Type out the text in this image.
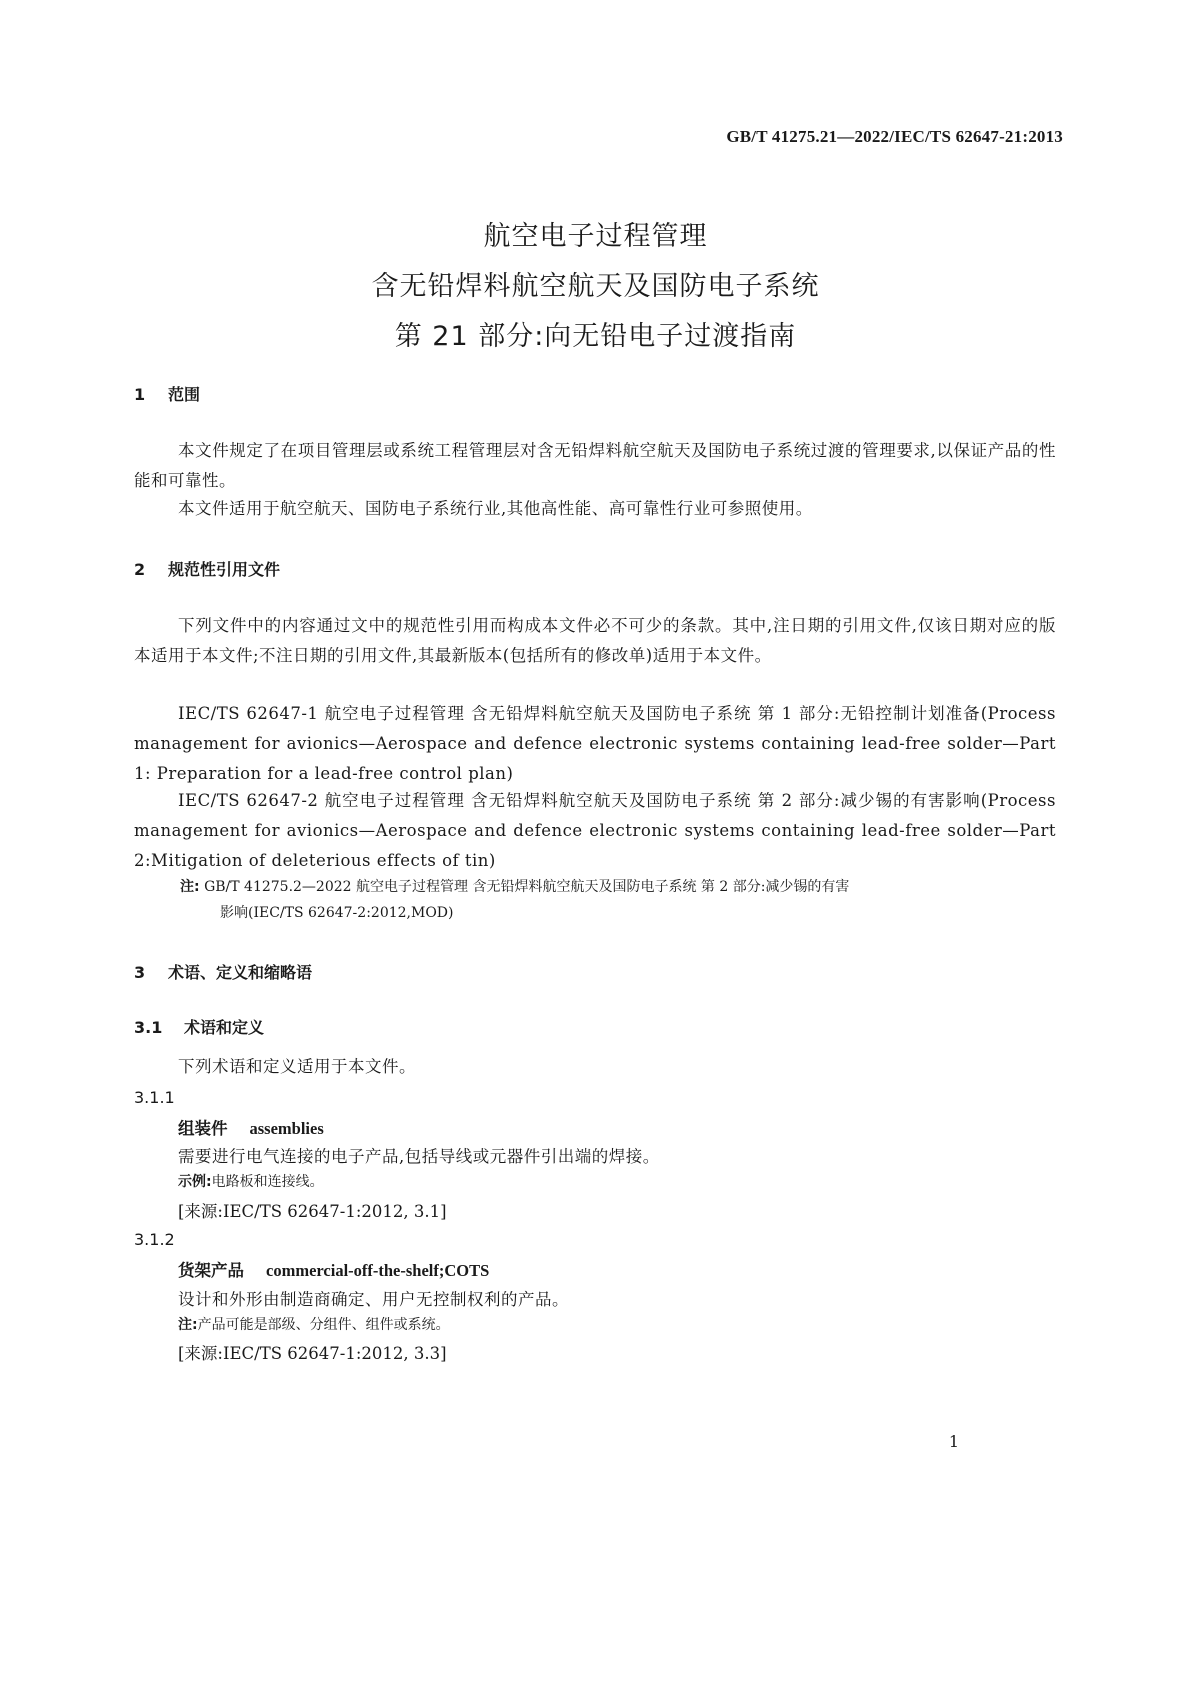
GB/T 41275.21—2022/IEC/TS 62647-21:2013
航空电子过程管理
含无铅焊料航空航天及国防电子系统
第 21 部分:向无铅电子过渡指南
1 范围
本文件规定了在项目管理层或系统工程管理层对含无铅焊料航空航天及国防电子系统过渡的管理要求,以保证产品的性能和可靠性。
本文件适用于航空航天、国防电子系统行业,其他高性能、高可靠性行业可参照使用。
2 规范性引用文件
下列文件中的内容通过文中的规范性引用而构成本文件必不可少的条款。其中,注日期的引用文件,仅该日期对应的版本适用于本文件;不注日期的引用文件,其最新版本(包括所有的修改单)适用于本文件。
IEC/TS 62647-1 航空电子过程管理 含无铅焊料航空航天及国防电子系统 第 1 部分:无铅控制计划准备(Process management for avionics—Aerospace and defence electronic systems containing lead-free solder—Part 1: Preparation for a lead-free control plan)
IEC/TS 62647-2 航空电子过程管理 含无铅焊料航空航天及国防电子系统 第 2 部分:减少锡的有害影响(Process management for avionics—Aerospace and defence electronic systems containing lead-free solder—Part 2:Mitigation of deleterious effects of tin)
注: GB/T 41275.2—2022 航空电子过程管理 含无铅焊料航空航天及国防电子系统 第 2 部分:减少锡的有害
影响(IEC/TS 62647-2:2012,MOD)
3 术语、定义和缩略语
3.1 术语和定义
下列术语和定义适用于本文件。
3.1.1
组装件 assemblies
需要进行电气连接的电子产品,包括导线或元器件引出端的焊接。
示例:电路板和连接线。
[来源:IEC/TS 62647-1:2012, 3.1]
3.1.2
货架产品 commercial-off-the-shelf;COTS
设计和外形由制造商确定、用户无控制权利的产品。
注:产品可能是部级、分组件、组件或系统。
[来源:IEC/TS 62647-1:2012, 3.3]
1
